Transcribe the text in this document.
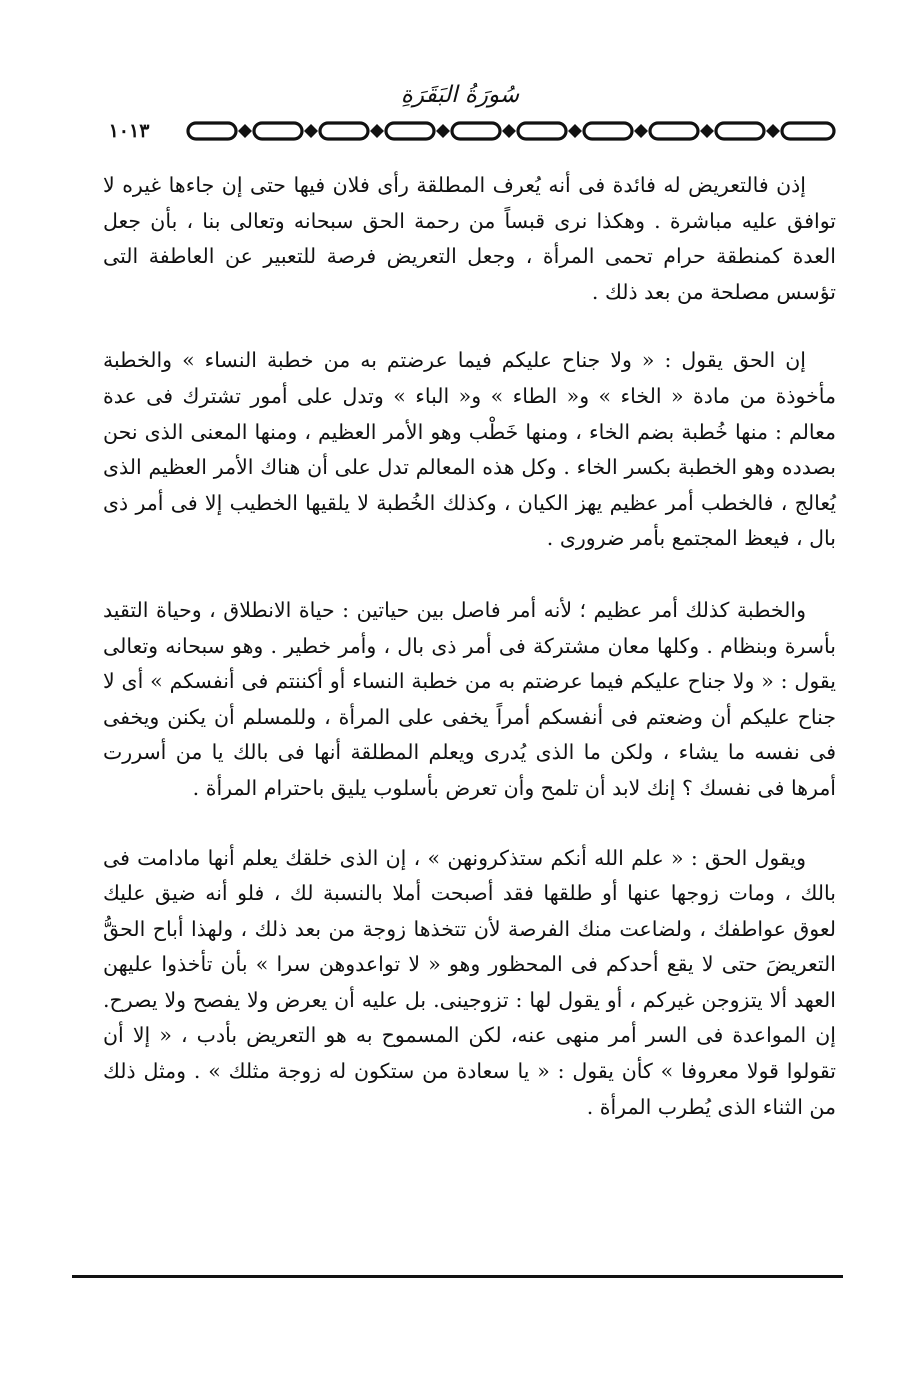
سُورَةُ البَقَرَةِ
١٠١٣

إذن فالتعريض له فائدة فى أنه يُعرف المطلقة رأى فلان فيها حتى إن جاءها غيره لا توافق عليه مباشرة . وهكذا نرى قبساً من رحمة الحق سبحانه وتعالى بنا ، بأن جعل العدة كمنطقة حرام تحمى المرأة ، وجعل التعريض فرصة للتعبير عن العاطفة التى تؤسس مصلحة من بعد ذلك .

إن الحق يقول : « ولا جناح عليكم فيما عرضتم به من خطبة النساء » والخطبة مأخوذة من مادة « الخاء » و« الطاء » و« الباء » وتدل على أمور تشترك فى عدة معالم : منها خُطبة بضم الخاء ، ومنها خَطْب وهو الأمر العظيم ، ومنها المعنى الذى نحن بصدده وهو الخطبة بكسر الخاء . وكل هذه المعالم تدل على أن هناك الأمر العظيم الذى يُعالج ، فالخطب أمر عظيم يهز الكيان ، وكذلك الخُطبة لا يلقيها الخطيب إلا فى أمر ذى بال ، فيعظ المجتمع بأمر ضرورى .

والخطبة كذلك أمر عظيم ؛ لأنه أمر فاصل بين حياتين : حياة الانطلاق ، وحياة التقيد بأسرة وبنظام . وكلها معان مشتركة فى أمر ذى بال ، وأمر خطير . وهو سبحانه وتعالى يقول : « ولا جناح عليكم فيما عرضتم به من خطبة النساء أو أكننتم فى أنفسكم » أى لا جناح عليكم أن وضعتم فى أنفسكم أمراً يخفى على المرأة ، وللمسلم أن يكنن ويخفى فى نفسه ما يشاء ، ولكن ما الذى يُدرى ويعلم المطلقة أنها فى بالك يا من أسررت أمرها فى نفسك ؟ إنك لابد أن تلمح وأن تعرض بأسلوب يليق باحترام المرأة .

ويقول الحق : « علم الله أنكم ستذكرونهن » ، إن الذى خلقك يعلم أنها مادامت فى بالك ، ومات زوجها عنها أو طلقها فقد أصبحت أملا بالنسبة لك ، فلو أنه ضيق عليك لعوق عواطفك ، ولضاعت منك الفرصة لأن تتخذها زوجة من بعد ذلك ، ولهذا أباح الحقُّ التعريضَ حتى لا يقع أحدكم فى المحظور وهو « لا تواعدوهن سرا » بأن تأخذوا عليهن العهد ألا يتزوجن غيركم ، أو يقول لها : تزوجينى. بل عليه أن يعرض ولا يفصح ولا يصرح. إن المواعدة فى السر أمر منهى عنه، لكن المسموح به هو التعريض بأدب ، « إلا أن تقولوا قولا معروفا » كأن يقول : « يا سعادة من ستكون له زوجة مثلك » . ومثل ذلك من الثناء الذى يُطرب المرأة .
